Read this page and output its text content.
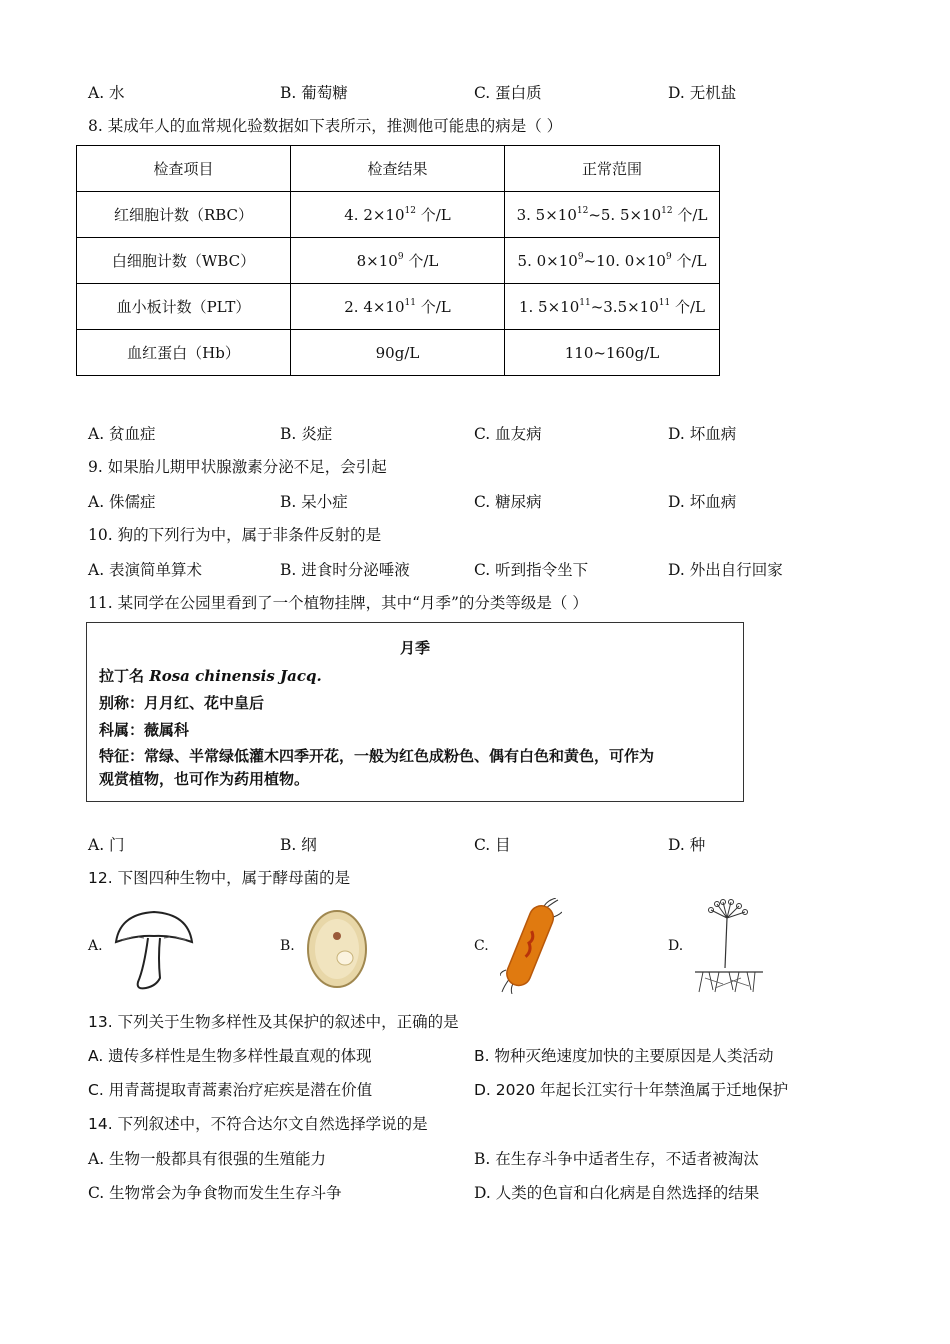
A. 水	B. 葡萄糖	C. 蛋白质	D. 无机盐
8. 某成年人的血常规化验数据如下表所示，推测他可能患的病是（ ）
检查项目	检查结果	正常范围
红细胞计数（RBC）	4. $2\times 10^{12}$ 个/L	3. $5\times 10^{12}\sim 5$. $5\times 10^{12}$ 个/L
白细胞计数（WBC）	$8\times 10^9$ 个/L	5. $0\times 10^9\sim 10$. $0\times 10^9$ 个/L
血小板计数（PLT）	2. $4\times 10^{11}$ 个/L	1. $5\times 10^{11}\sim 3.5\times 10^{11}$ 个/L
血红蛋白（Hb）	90g/L	110~160g/L
A. 贫血症	B. 炎症	C. 血友病	D. 坏血病
9. 如果胎儿期甲状腺激素分泌不足，会引起
A. 侏儒症	B. 呆小症	C. 糖尿病	D. 坏血病
10. 狗的下列行为中，属于非条件反射的是
A. 表演简单算术	B. 进食时分泌唾液	C. 听到指令坐下	D. 外出自行回家
11. 某同学在公园里看到了一个植物挂牌，其中“月季”的分类等级是（ ）
月季
拉丁名 Rosa chinensis Jacq.
别称：月月红、花中皇后
科属：薇属科
特征：常绿、半常绿低灌木四季开花，一般为红色成粉色、偶有白色和黄色，可作为
观赏植物，也可作为药用植物。
A. 门	B. 纲	C. 目	D. 种
12. 下图四种生物中，属于酵母菌的是
A.	B.	C.	D.
13. 下列关于生物多样性及其保护的叙述中，正确的是
A. 遗传多样性是生物多样性最直观的体现	B. 物种灭绝速度加快的主要原因是人类活动
C. 用青蒿提取青蒿素治疗疟疾是潜在价值	D. 2020 年起长江实行十年禁渔属于迁地保护
14. 下列叙述中，不符合达尔文自然选择学说的是
A. 生物一般都具有很强的生殖能力	B. 在生存斗争中适者生存，不适者被淘汰
C. 生物常会为争食物而发生生存斗争	D. 人类的色盲和白化病是自然选择的结果
